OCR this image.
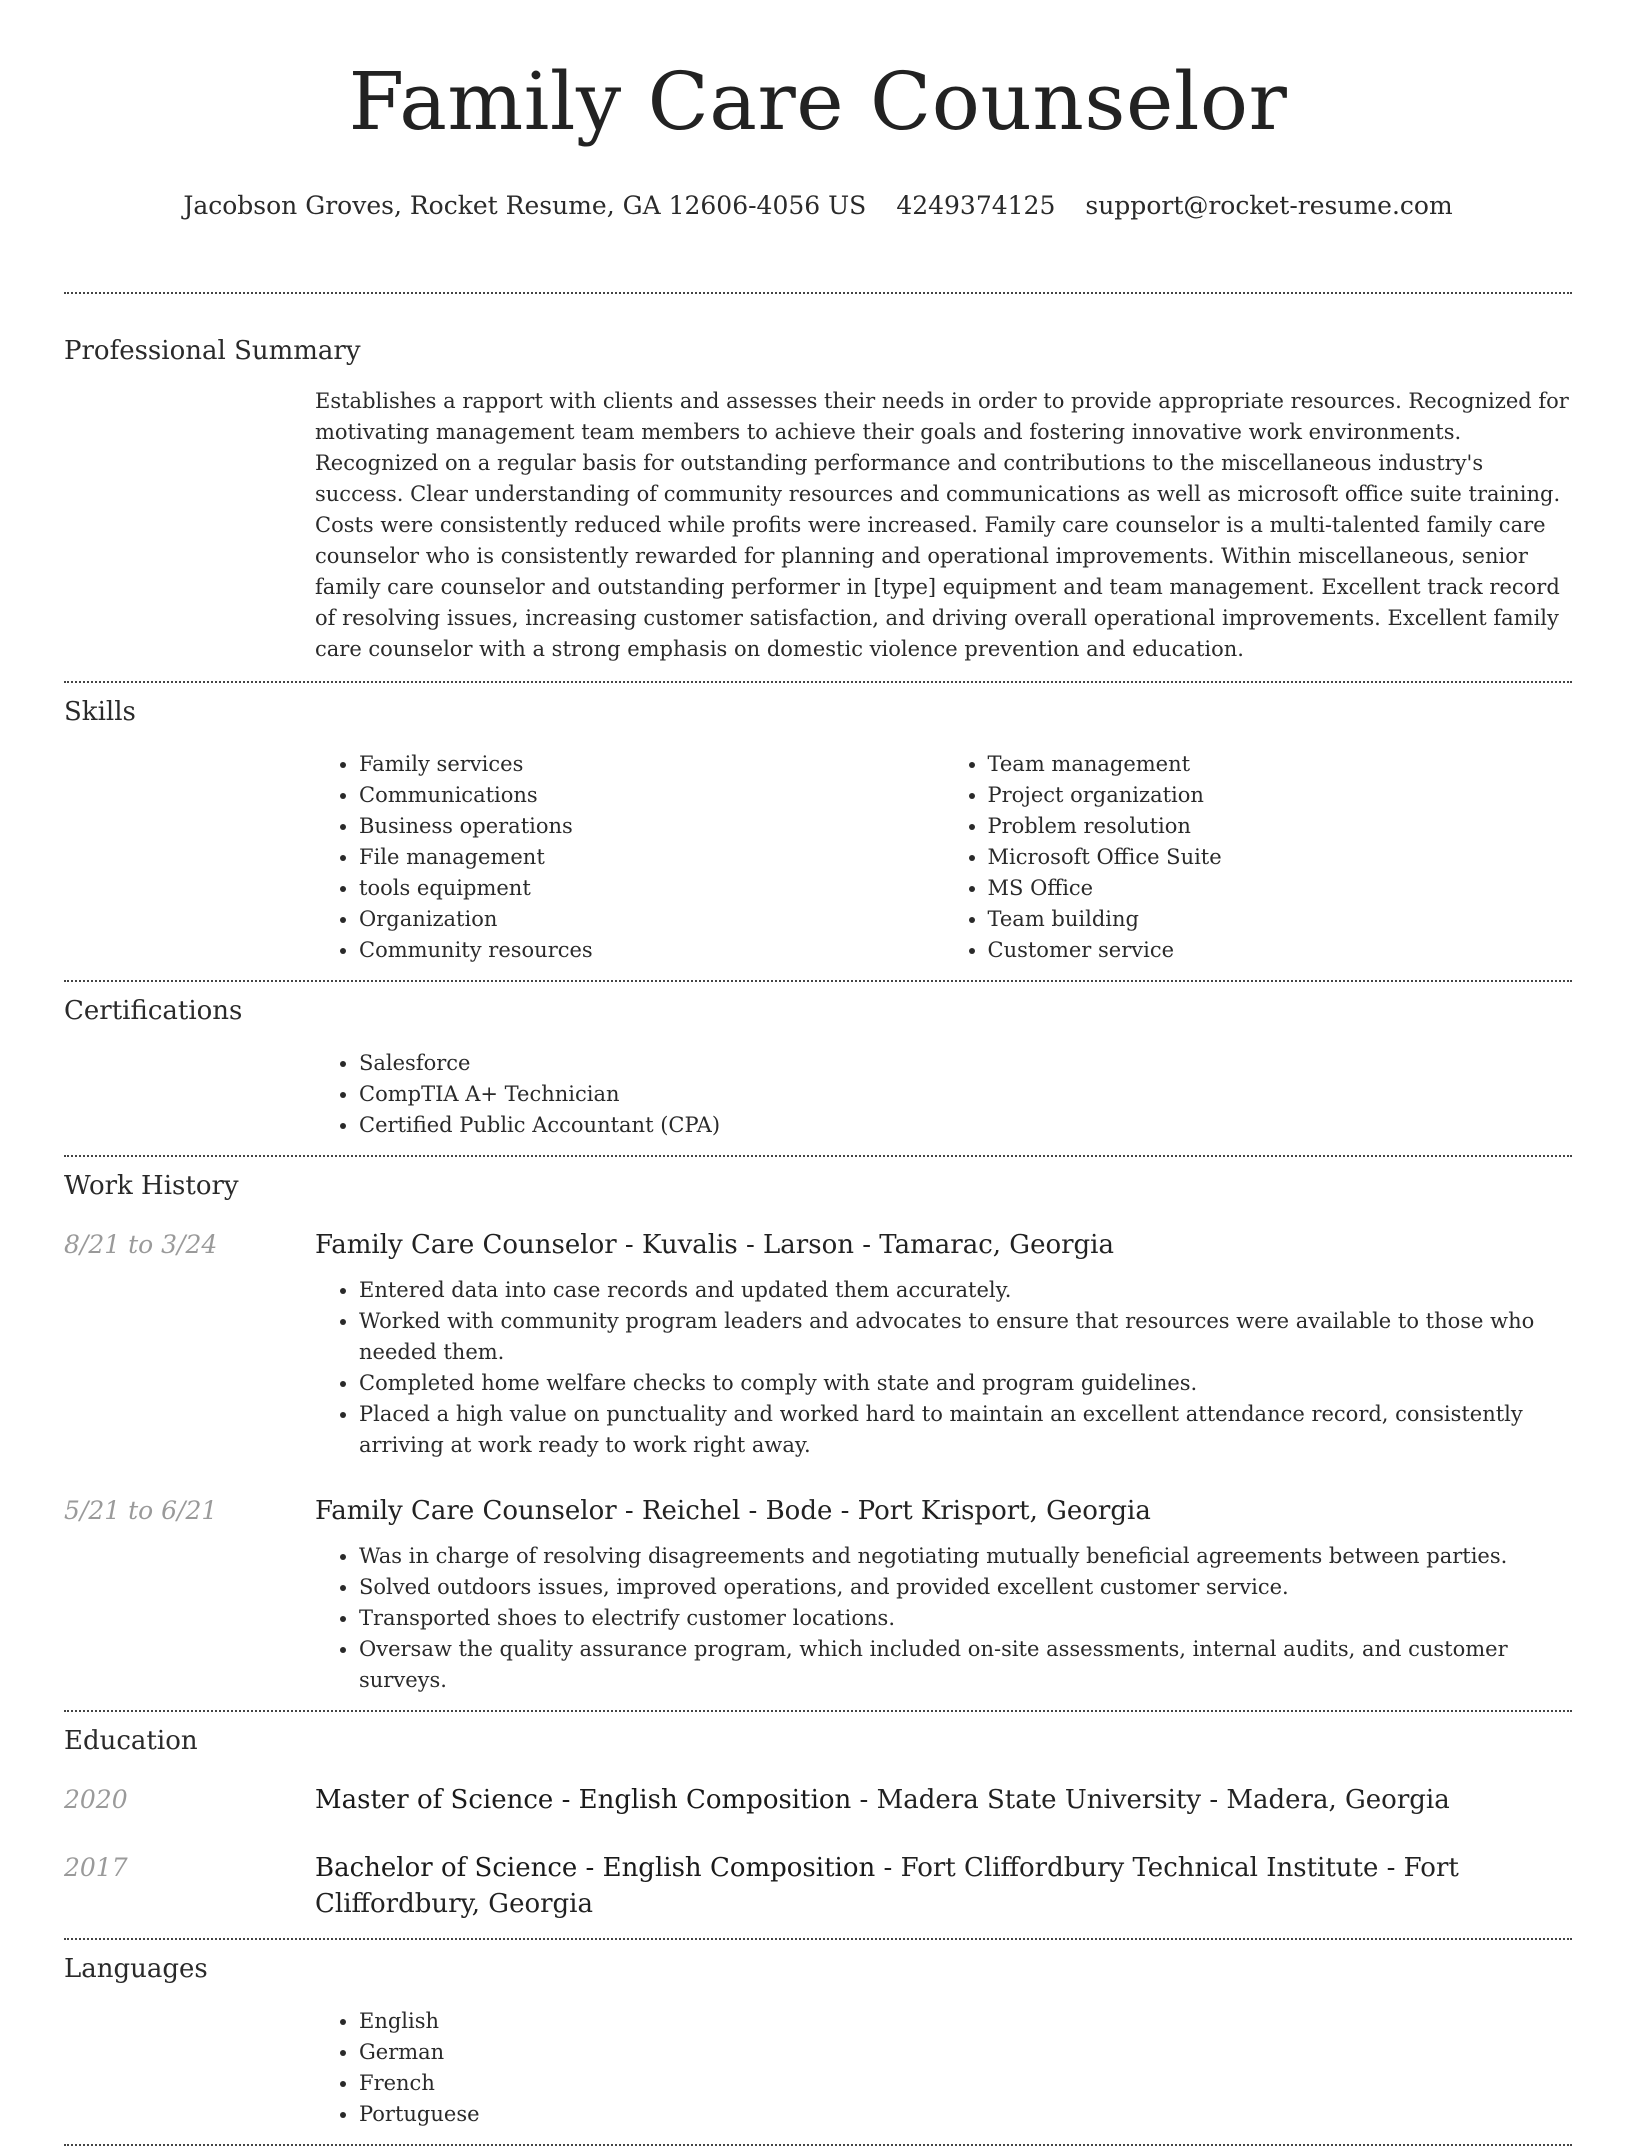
Family Care Counselor
Jacobson Groves, Rocket Resume, GA 12606-4056 US 4249374125 support@rocket-resume.com
Professional Summary
Establishes a rapport with clients and assesses their needs in order to provide appropriate resources. Recognized for motivating management team members to achieve their goals and fostering innovative work environments. Recognized on a regular basis for outstanding performance and contributions to the miscellaneous industry's success. Clear understanding of community resources and communications as well as microsoft office suite training. Costs were consistently reduced while profits were increased. Family care counselor is a multi-talented family care counselor who is consistently rewarded for planning and operational improvements. Within miscellaneous, senior family care counselor and outstanding performer in [type] equipment and team management. Excellent track record of resolving issues, increasing customer satisfaction, and driving overall operational improvements. Excellent family care counselor with a strong emphasis on domestic violence prevention and education.
Skills
• Family services
• Communications
• Business operations
• File management
• tools equipment
• Organization
• Community resources
• Team management
• Project organization
• Problem resolution
• Microsoft Office Suite
• MS Office
• Team building
• Customer service
Certifications
• Salesforce
• CompTIA A+ Technician
• Certified Public Accountant (CPA)
Work History
8/21 to 3/24	Family Care Counselor - Kuvalis - Larson - Tamarac, Georgia
• Entered data into case records and updated them accurately.
• Worked with community program leaders and advocates to ensure that resources were available to those who needed them.
• Completed home welfare checks to comply with state and program guidelines.
• Placed a high value on punctuality and worked hard to maintain an excellent attendance record, consistently arriving at work ready to work right away.
5/21 to 6/21	Family Care Counselor - Reichel - Bode - Port Krisport, Georgia
• Was in charge of resolving disagreements and negotiating mutually beneficial agreements between parties.
• Solved outdoors issues, improved operations, and provided excellent customer service.
• Transported shoes to electrify customer locations.
• Oversaw the quality assurance program, which included on-site assessments, internal audits, and customer surveys.
Education
2020	Master of Science - English Composition - Madera State University - Madera, Georgia
2017	Bachelor of Science - English Composition - Fort Cliffordbury Technical Institute - Fort Cliffordbury, Georgia
Languages
• English
• German
• French
• Portuguese
